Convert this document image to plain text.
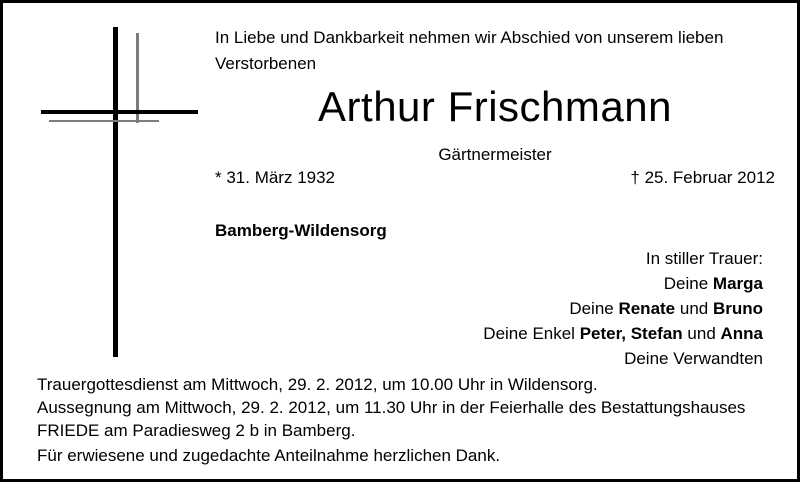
In Liebe und Dankbarkeit nehmen wir Abschied von unserem lieben Verstorbenen
Arthur Frischmann
Gärtnermeister
* 31. März 1932	† 25. Februar 2012
Bamberg-Wildensorg
In stiller Trauer:
Deine Marga
Deine Renate und Bruno
Deine Enkel Peter, Stefan und Anna
Deine Verwandten
Trauergottesdienst am Mittwoch, 29. 2. 2012, um 10.00 Uhr in Wildensorg.
Aussegnung am Mittwoch, 29. 2. 2012, um 11.30 Uhr in der Feierhalle des Bestattungshauses
FRIEDE am Paradiesweg 2 b in Bamberg.
Für erwiesene und zugedachte Anteilnahme herzlichen Dank.
